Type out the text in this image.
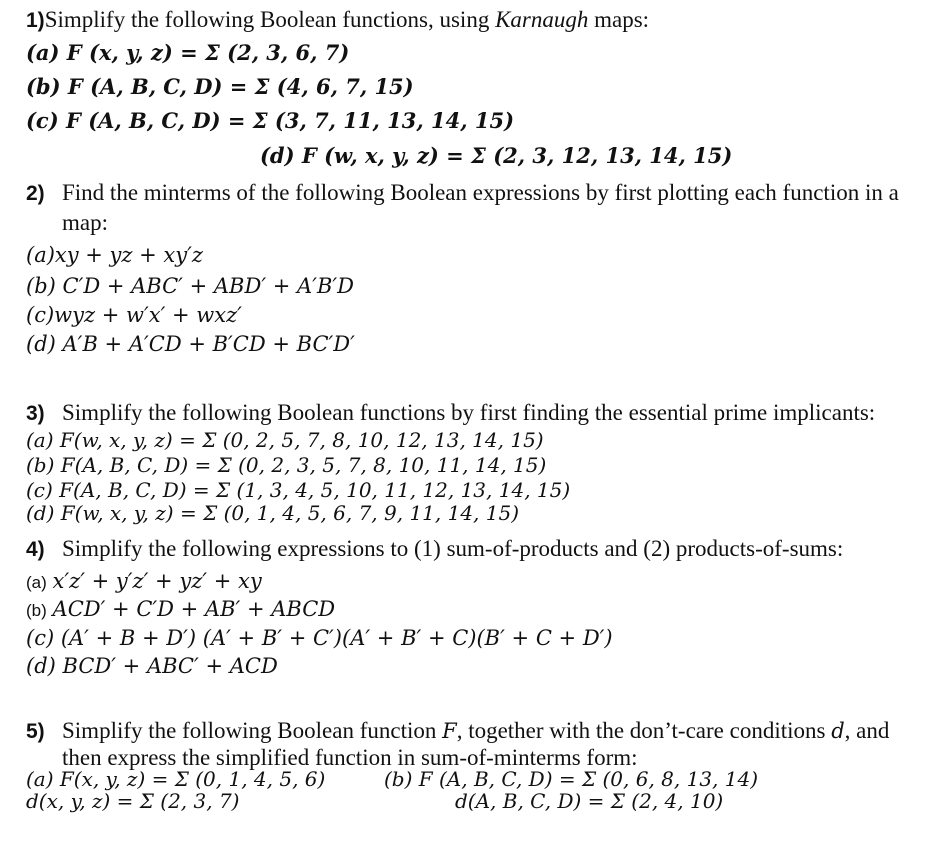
1)Simplify the following Boolean functions, using Karnaugh maps:
(a) F (x, y, z) = Σ (2, 3, 6, 7)
(b) F (A, B, C, D) = Σ (4, 6, 7, 15)
(c) F (A, B, C, D) = Σ (3, 7, 11, 13, 14, 15)
(d) F (w, x, y, z) = Σ (2, 3, 12, 13, 14, 15)
2) Find the minterms of the following Boolean expressions by first plotting each function in a
map:
(a)xy + yz + xy′z
(b) C′D + ABC′ + ABD′ + A′B′D
(c)wyz + w′x′ + wxz′
(d) A′B + A′CD + B′CD + BC′D′
3) Simplify the following Boolean functions by first finding the essential prime implicants:
(a) F(w, x, y, z) = Σ (0, 2, 5, 7, 8, 10, 12, 13, 14, 15)
(b) F(A, B, C, D) = Σ (0, 2, 3, 5, 7, 8, 10, 11, 14, 15)
(c) F(A, B, C, D) = Σ (1, 3, 4, 5, 10, 11, 12, 13, 14, 15)
(d) F(w, x, y, z) = Σ (0, 1, 4, 5, 6, 7, 9, 11, 14, 15)
4) Simplify the following expressions to (1) sum-of-products and (2) products-of-sums:
(a) x′z′ + y′z′ + yz′ + xy
(b) ACD′ + C′D + AB′ + ABCD
(c) (A′ + B + D′) (A′ + B′ + C′)(A′ + B′ + C)(B′ + C + D′)
(d) BCD′ + ABC′ + ACD
5) Simplify the following Boolean function F, together with the don’t-care conditions d, and
then express the simplified function in sum-of-minterms form:
(a) F(x, y, z) = Σ (0, 1, 4, 5, 6)
d(x, y, z) = Σ (2, 3, 7)
(b) F (A, B, C, D) = Σ (0, 6, 8, 13, 14)
d(A, B, C, D) = Σ (2, 4, 10)
